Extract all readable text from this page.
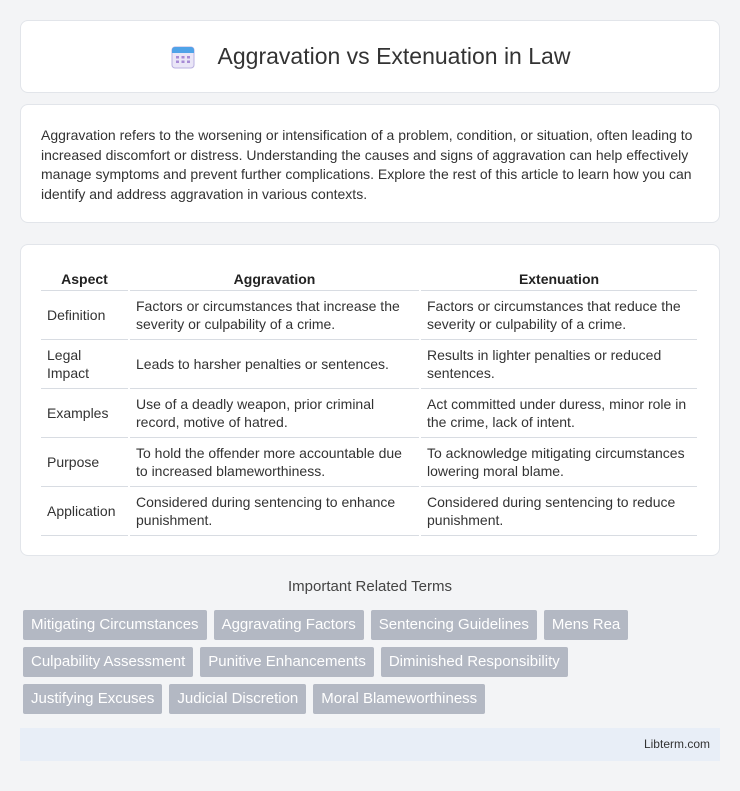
Aggravation vs Extenuation in Law

Aggravation refers to the worsening or intensification of a problem, condition, or situation, often leading to increased discomfort or distress. Understanding the causes and signs of aggravation can help effectively manage symptoms and prevent further complications. Explore the rest of this article to learn how you can identify and address aggravation in various contexts.

Aspect	Aggravation	Extenuation
Definition	Factors or circumstances that increase the severity or culpability of a crime.	Factors or circumstances that reduce the severity or culpability of a crime.
Legal Impact	Leads to harsher penalties or sentences.	Results in lighter penalties or reduced sentences.
Examples	Use of a deadly weapon, prior criminal record, motive of hatred.	Act committed under duress, minor role in the crime, lack of intent.
Purpose	To hold the offender more accountable due to increased blameworthiness.	To acknowledge mitigating circumstances lowering moral blame.
Application	Considered during sentencing to enhance punishment.	Considered during sentencing to reduce punishment.
Important Related Terms
Mitigating Circumstances Aggravating Factors Sentencing Guidelines Mens Rea
Culpability Assessment Punitive Enhancements Diminished Responsibility
Justifying Excuses Judicial Discretion Moral Blameworthiness
Libterm.com
